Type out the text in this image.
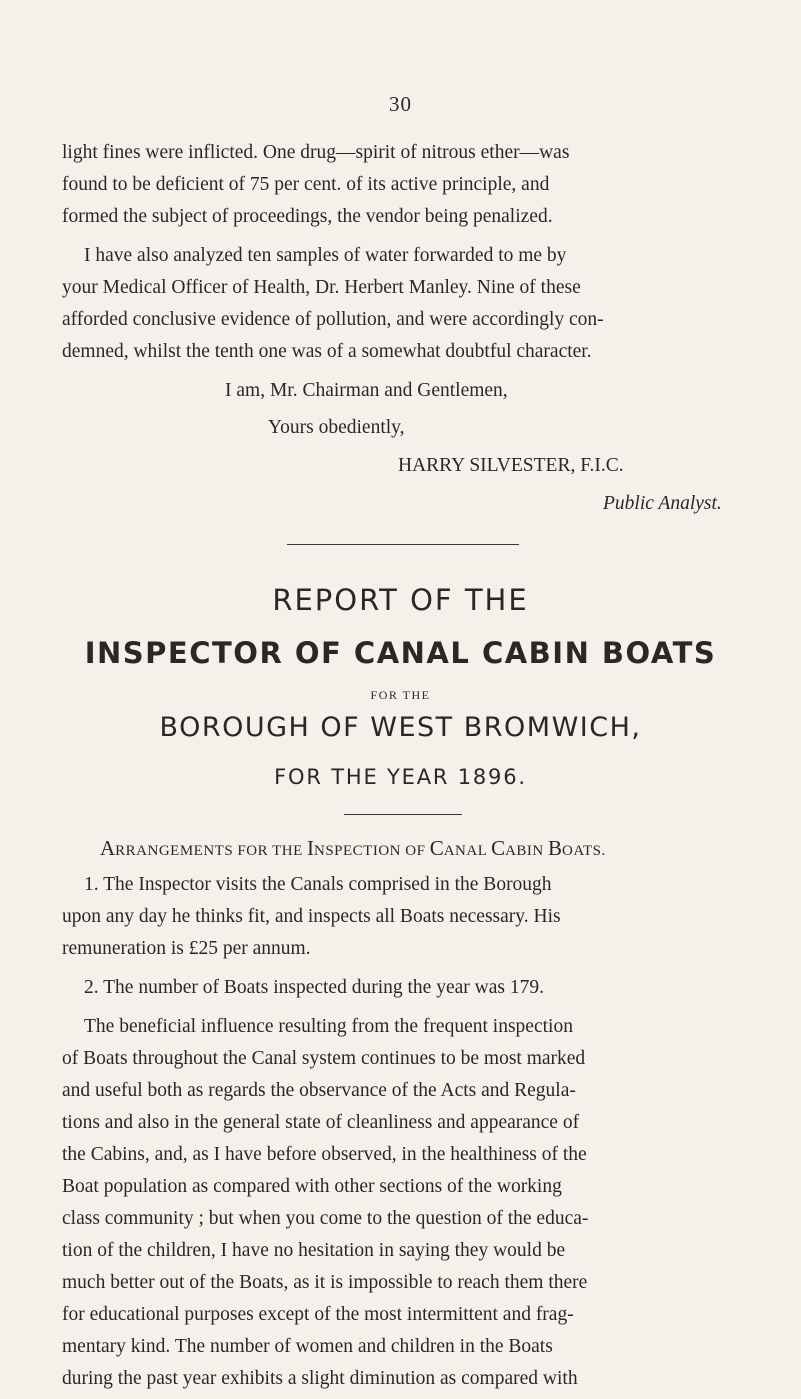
30
light fines were inflicted. One drug—spirit of nitrous ether—was
found to be deficient of 75 per cent. of its active principle, and
formed the subject of proceedings, the vendor being penalized.
I have also analyzed ten samples of water forwarded to me by
your Medical Officer of Health, Dr. Herbert Manley. Nine of these
afforded conclusive evidence of pollution, and were accordingly con-
demned, whilst the tenth one was of a somewhat doubtful character.
I am, Mr. Chairman and Gentlemen,
Yours obediently,
HARRY SILVESTER, F.I.C.
Public Analyst.
REPORT OF THE
INSPECTOR OF CANAL CABIN BOATS
FOR THE
BOROUGH OF WEST BROMWICH,
FOR THE YEAR 1896.
ARRANGEMENTS FOR THE INSPECTION OF CANAL CABIN BOATS.
1. The Inspector visits the Canals comprised in the Borough
upon any day he thinks fit, and inspects all Boats necessary. His
remuneration is £25 per annum.
2. The number of Boats inspected during the year was 179.
The beneficial influence resulting from the frequent inspection
of Boats throughout the Canal system continues to be most marked
and useful both as regards the observance of the Acts and Regula-
tions and also in the general state of cleanliness and appearance of
the Cabins, and, as I have before observed, in the healthiness of the
Boat population as compared with other sections of the working
class community ; but when you come to the question of the educa-
tion of the children, I have no hesitation in saying they would be
much better out of the Boats, as it is impossible to reach them there
for educational purposes except of the most intermittent and frag-
mentary kind. The number of women and children in the Boats
during the past year exhibits a slight diminution as compared with
